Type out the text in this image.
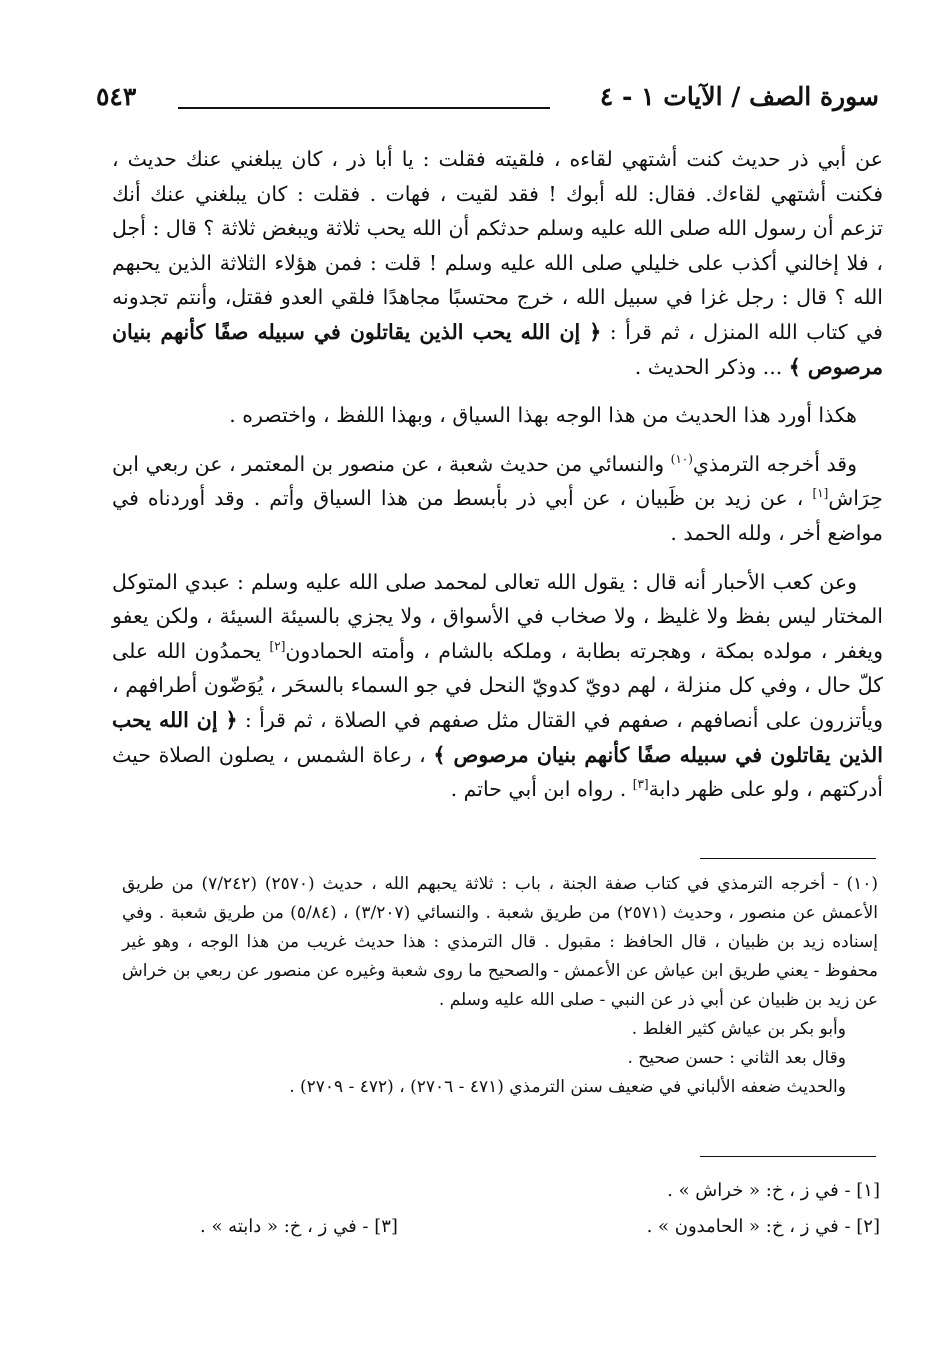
سورة الصف / الآيات ١ - ٤
٥٤٣

عن أبي ذر حديث كنت أشتهي لقاءه ، فلقيته فقلت : يا أبا ذر ، كان يبلغني عنك حديث ، فكنت أشتهي لقاءك. فقال: لله أبوك ! فقد لقيت ، فهات . فقلت : كان يبلغني عنك أنك تزعم أن رسول الله صلى الله عليه وسلم حدثكم أن الله يحب ثلاثة ويبغض ثلاثة ؟ قال : أجل ، فلا إخالني أكذب على خليلي صلى الله عليه وسلم ! قلت : فمن هؤلاء الثلاثة الذين يحبهم الله ؟ قال : رجل غزا في سبيل الله ، خرج محتسبًا مجاهدًا فلقي العدو فقتل، وأنتم تجدونه في كتاب الله المنزل ، ثم قرأ : ﴿ إن الله يحب الذين يقاتلون في سبيله صفًا كأنهم بنيان مرصوص ﴾ ... وذكر الحديث .

هكذا أورد هذا الحديث من هذا الوجه بهذا السياق ، وبهذا اللفظ ، واختصره .

وقد أخرجه الترمذي$^{(١٠)}$ والنسائي من حديث شعبة ، عن منصور بن المعتمر ، عن ربعي ابن حِرَاش[١] ، عن زيد بن ظَبيان ، عن أبي ذر بأبسط من هذا السياق وأتم . وقد أوردناه في مواضع أخر ، ولله الحمد .

وعن كعب الأحبار أنه قال : يقول الله تعالى لمحمد صلى الله عليه وسلم : عبدي المتوكل المختار ليس بفظ ولا غليظ ، ولا صخاب في الأسواق ، ولا يجزي بالسيئة السيئة ، ولكن يعفو ويغفر ، مولده بمكة ، وهجرته بطابة ، وملكه بالشام ، وأمته الحمادون[٢] يحمدُون الله على كلّ حال ، وفي كل منزلة ، لهم دويّ كدويّ النحل في جو السماء بالسحَر ، يُوَضّون أطرافهم ، ويأتزرون على أنصافهم ، صفهم في القتال مثل صفهم في الصلاة ، ثم قرأ : ﴿ إن الله يحب الذين يقاتلون في سبيله صفًا كأنهم بنيان مرصوص ﴾ ، رعاة الشمس ، يصلون الصلاة حيث أدركتهم ، ولو على ظهر دابة[٣] . رواه ابن أبي حاتم .

(١٠) - أخرجه الترمذي في كتاب صفة الجنة ، باب : ثلاثة يحبهم الله ، حديث (٢٥٧٠) (٧/٢٤٢) من طريق الأعمش عن منصور ، وحديث (٢٥٧١) من طريق شعبة . والنسائي (٣/٢٠٧) ، (٥/٨٤) من طريق شعبة . وفي إسناده زيد بن ظبيان ، قال الحافظ : مقبول . قال الترمذي : هذا حديث غريب من هذا الوجه ، وهو غير محفوظ - يعني طريق ابن عياش عن الأعمش - والصحيح ما روى شعبة وغيره عن منصور عن ربعي بن خراش عن زيد بن ظبيان عن أبي ذر عن النبي - صلى الله عليه وسلم .

وأبو بكر بن عياش كثير الغلط .

وقال بعد الثاني : حسن صحيح .

والحديث ضعفه الألباني في ضعيف سنن الترمذي (٤٧١ - ٢٧٠٦) ، (٤٧٢ - ٢٧٠٩) .

[١] - في ز ، خ: « خراش » .
[٢] - في ز ، خ: « الحامدون » .
[٣] - في ز ، خ: « دابته » .
